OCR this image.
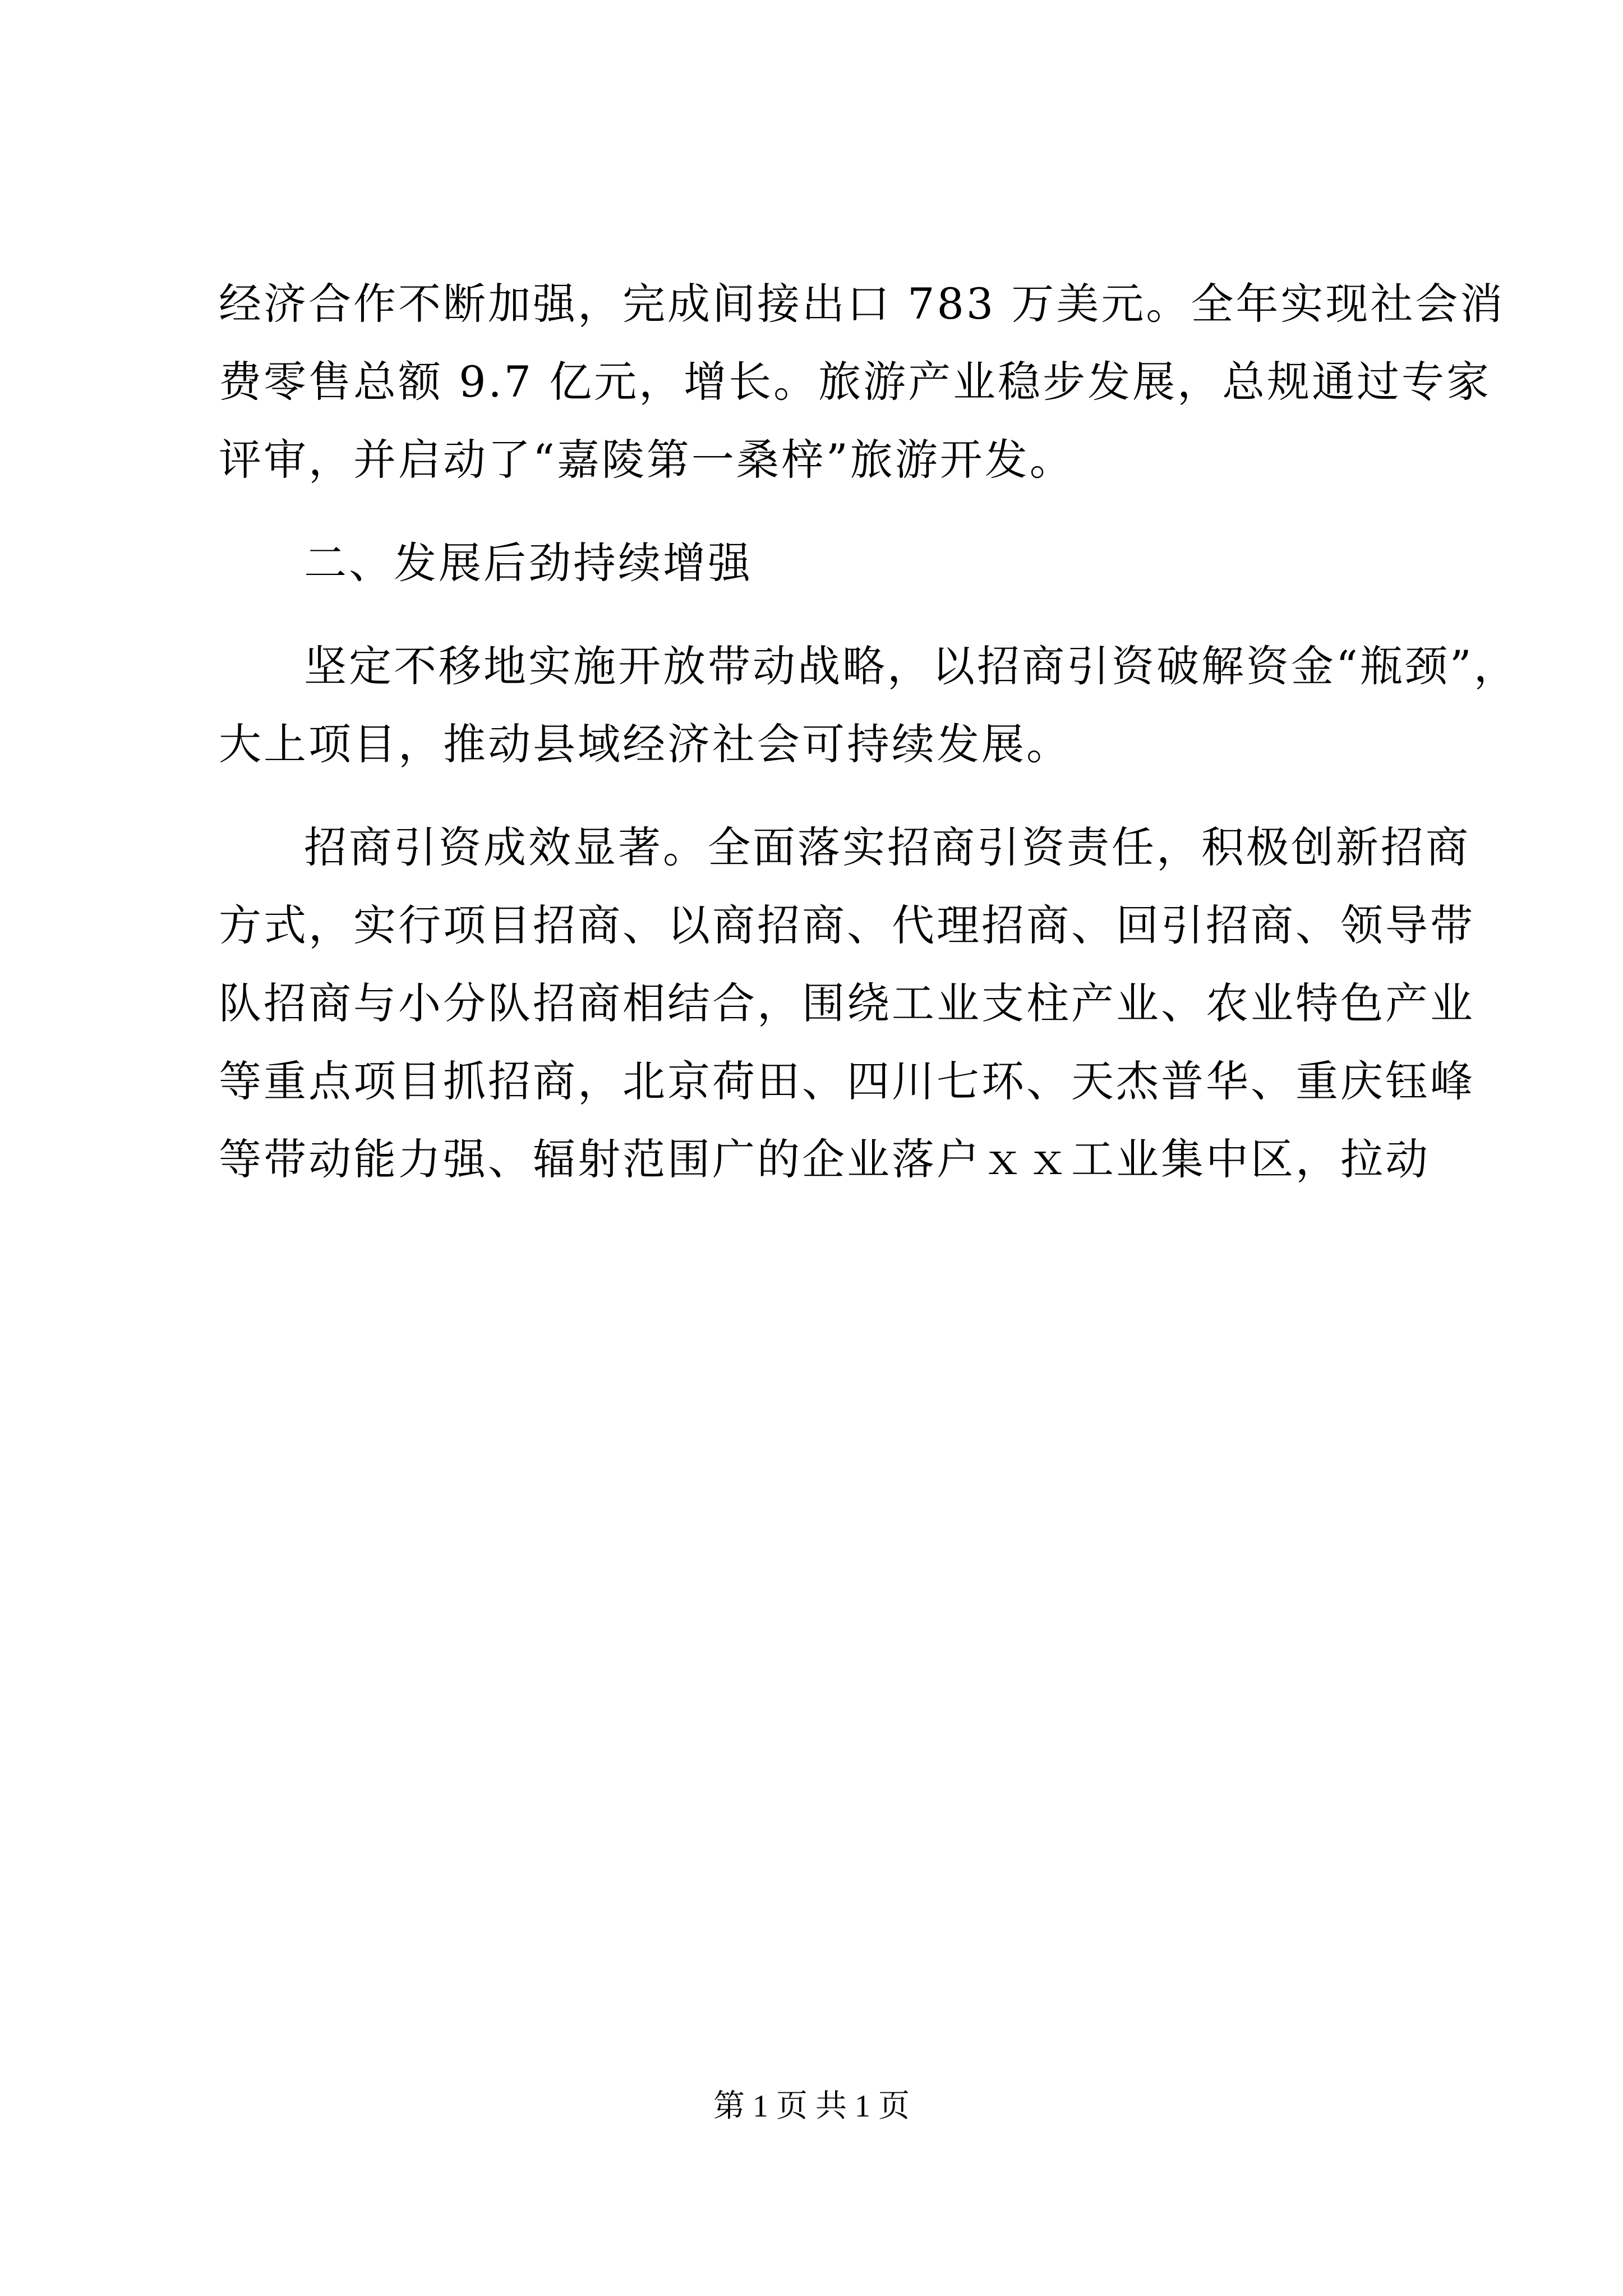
经济合作不断加强，完成间接出口 783 万美元。全年实现社会消
费零售总额 9.7 亿元，增长。旅游产业稳步发展，总规通过专家
评审，并启动了“嘉陵第一桑梓”旅游开发。
二、发展后劲持续增强
坚定不移地实施开放带动战略，以招商引资破解资金“瓶颈”，
大上项目，推动县域经济社会可持续发展。
招商引资成效显著。全面落实招商引资责任，积极创新招商
方式，实行项目招商、以商招商、代理招商、回引招商、领导带
队招商与小分队招商相结合，围绕工业支柱产业、农业特色产业
等重点项目抓招商，北京荷田、四川七环、天杰普华、重庆钰峰
等带动能力强、辐射范围广的企业落户ｘｘ工业集中区，拉动
第 1 页 共 1 页
